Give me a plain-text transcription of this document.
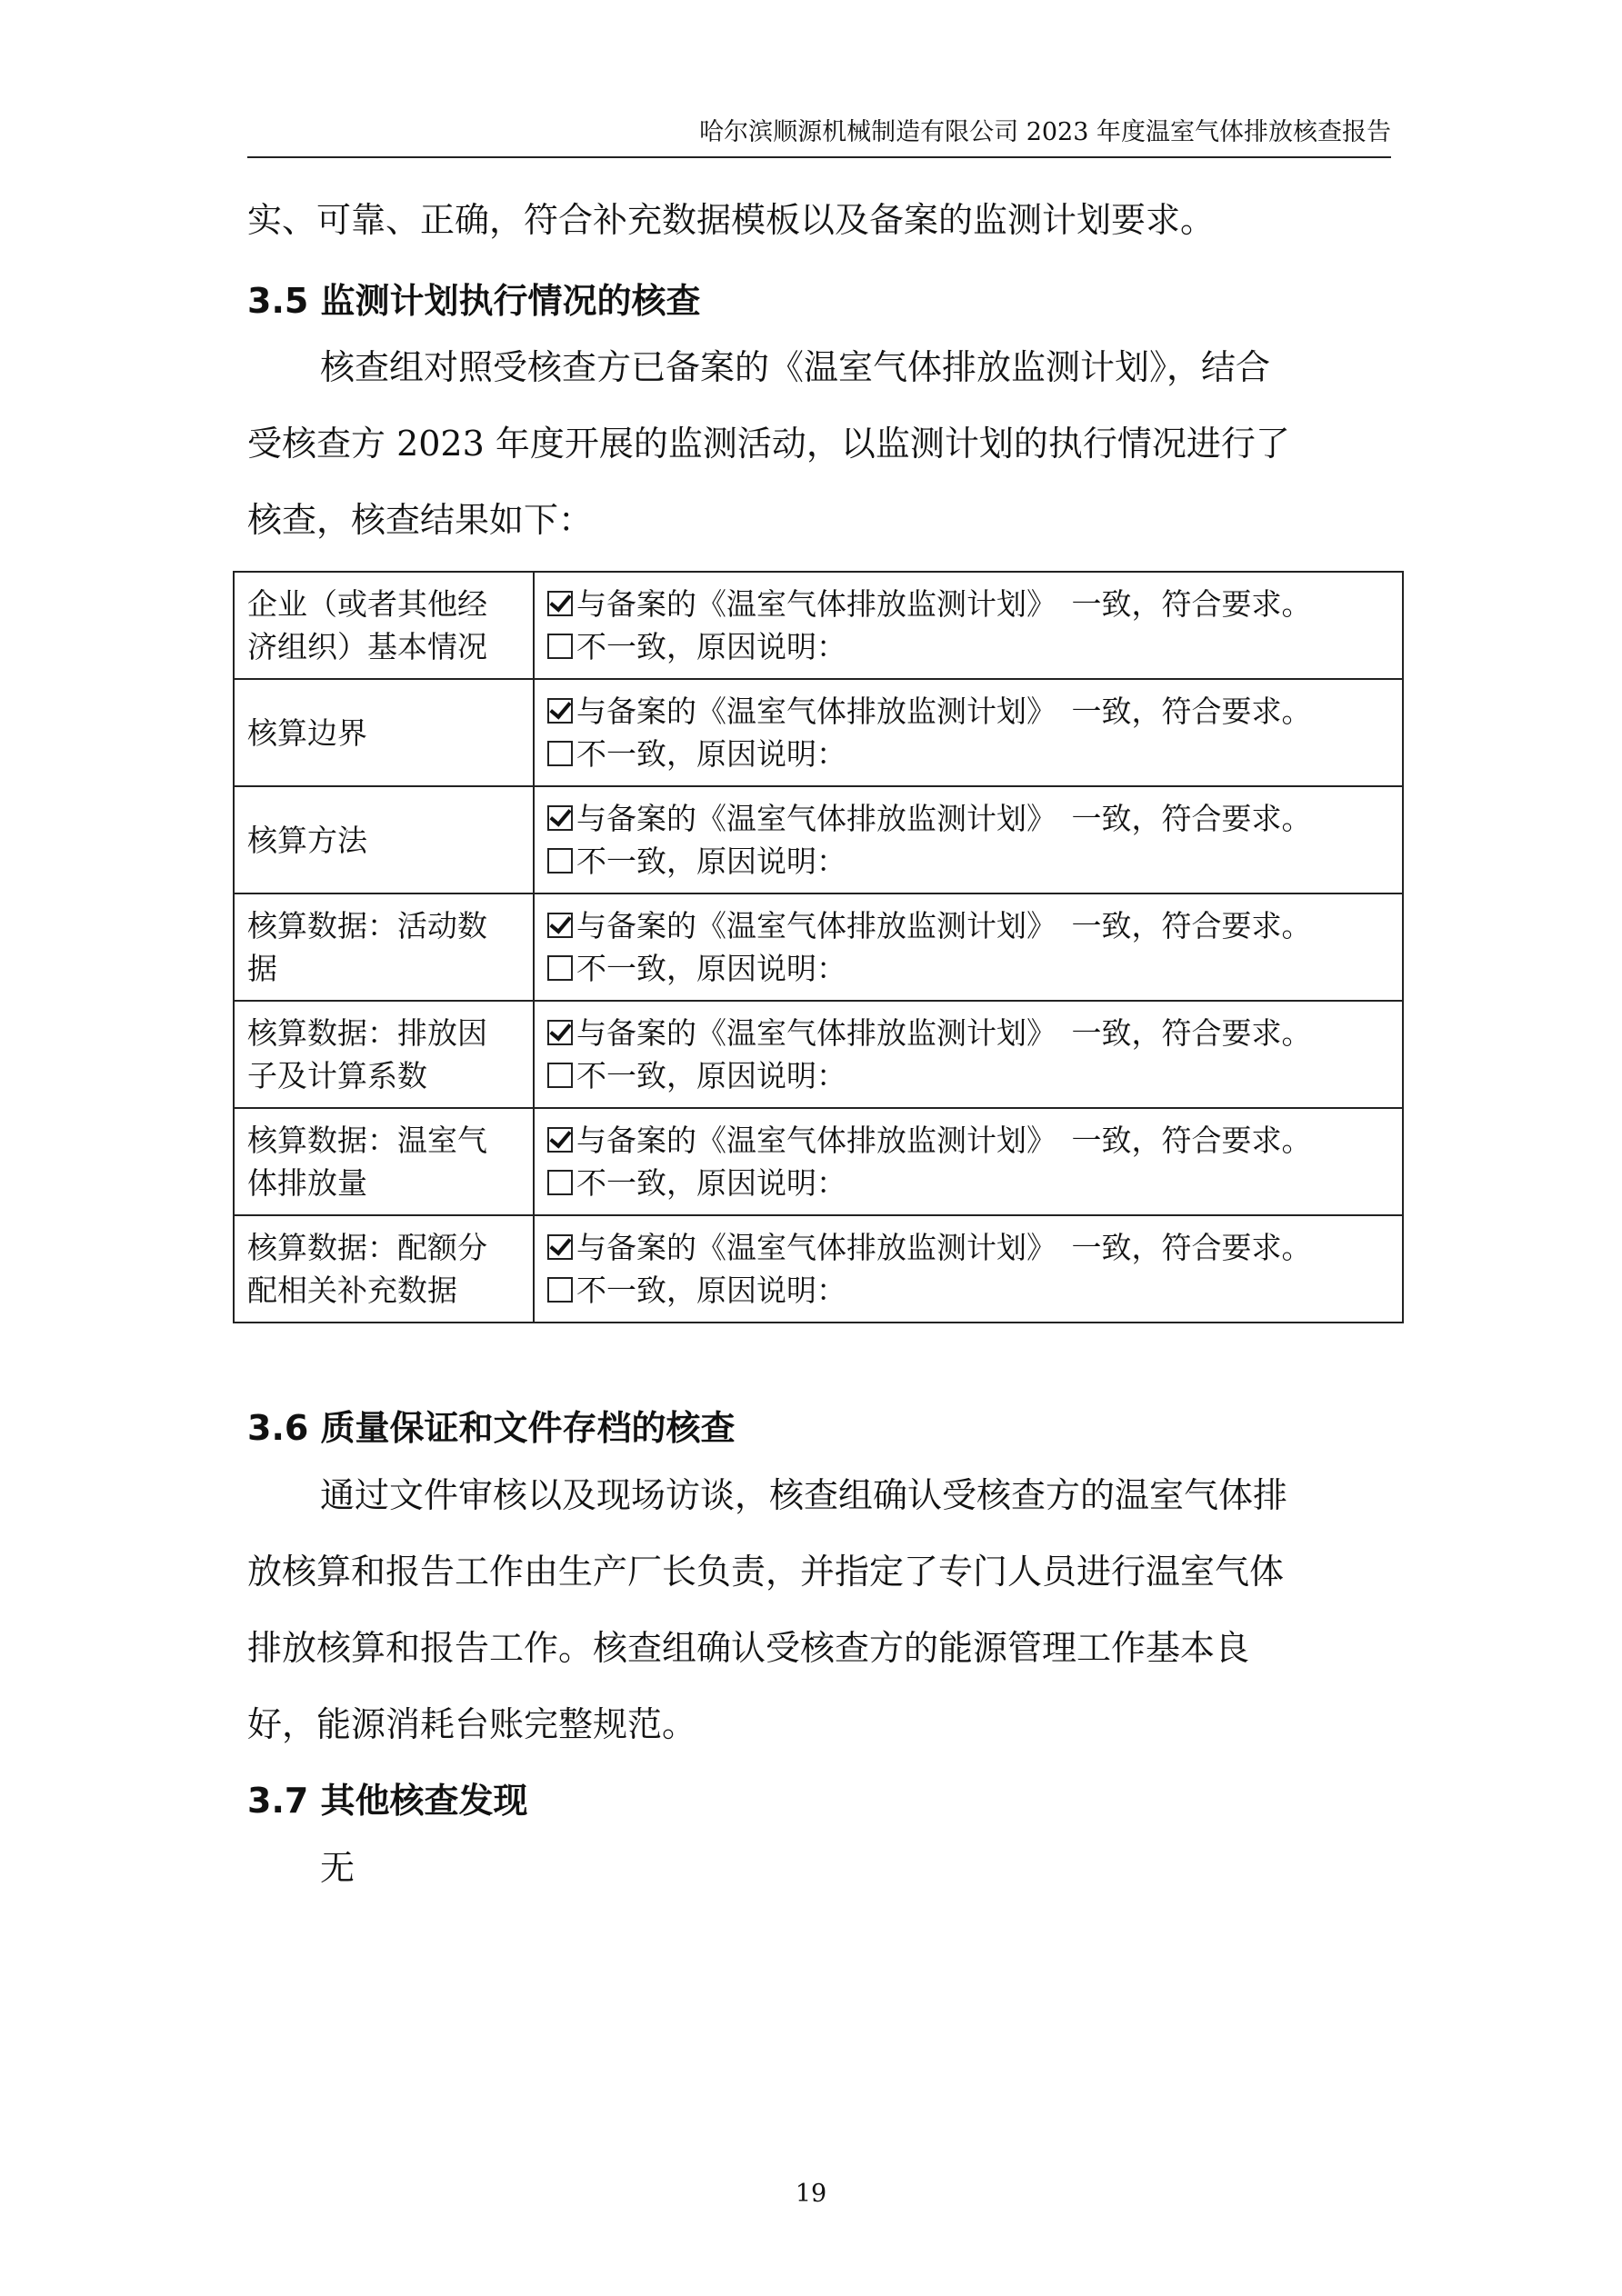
哈尔滨顺源机械制造有限公司 2023 年度温室气体排放核查报告

实、可靠、正确，符合补充数据模板以及备案的监测计划要求。

3.5 监测计划执行情况的核查

核查组对照受核查方已备案的《温室气体排放监测计划》，结合
受核查方 2023 年度开展的监测活动，以监测计划的执行情况进行了
核查，核查结果如下：

企业（或者其他经
济组织）基本情况	与备案的《温室气体排放监测计划》　一致，符合要求。
不一致，原因说明：

核算边界	与备案的《温室气体排放监测计划》　一致，符合要求。
不一致，原因说明：

核算方法	与备案的《温室气体排放监测计划》　一致，符合要求。
不一致，原因说明：

核算数据：活动数
据	与备案的《温室气体排放监测计划》　一致，符合要求。
不一致，原因说明：

核算数据：排放因
子及计算系数	与备案的《温室气体排放监测计划》　一致，符合要求。
不一致，原因说明：

核算数据：温室气
体排放量	与备案的《温室气体排放监测计划》　一致，符合要求。
不一致，原因说明：

核算数据：配额分
配相关补充数据	与备案的《温室气体排放监测计划》　一致，符合要求。
不一致，原因说明：
3.6 质量保证和文件存档的核查

通过文件审核以及现场访谈，核查组确认受核查方的温室气体排
放核算和报告工作由生产厂长负责，并指定了专门人员进行温室气体
排放核算和报告工作。核查组确认受核查方的能源管理工作基本良
好，能源消耗台账完整规范。

3.7 其他核查发现

无

19
